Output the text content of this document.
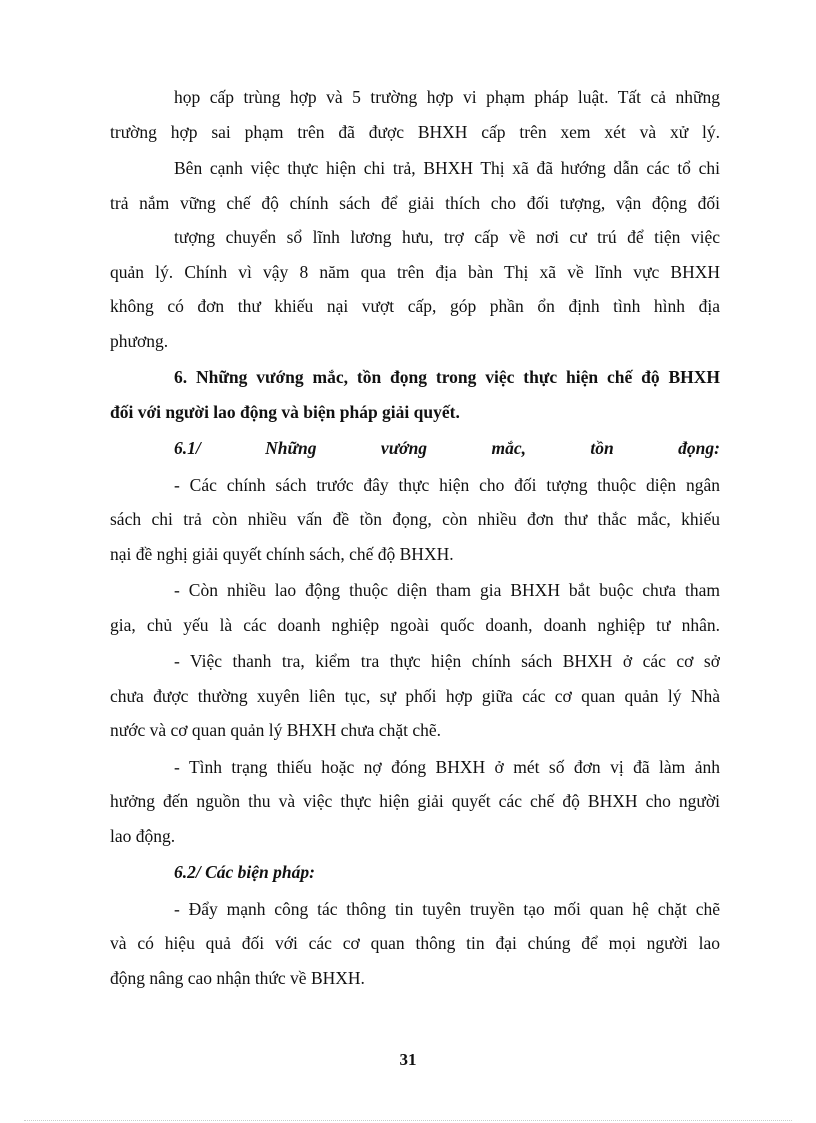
họp cấp trùng hợp và 5 trường hợp vi phạm pháp luật. Tất cả những

trường hợp sai phạm trên đã được BHXH cấp trên xem xét và xử lý.

Bên cạnh việc thực hiện chi trả, BHXH Thị xã đã hướng dẫn các tổ chi

trả nắm vững chế độ chính sách để giải thích cho đối tượng, vận động đối

tượng chuyển sổ lĩnh lương hưu, trợ cấp về nơi cư trú để tiện việc

quản lý. Chính vì vậy 8 năm qua trên địa bàn Thị xã về lĩnh vực BHXH

không có đơn thư khiếu nại vượt cấp, góp phần ổn định tình hình địa

phương.

6. Những vướng mắc, tồn đọng trong việc thực hiện chế độ BHXH

đối với người lao động và biện pháp giải quyết.

6.1/ Những vướng mắc, tồn đọng:

- Các chính sách trước đây thực hiện cho đối tượng thuộc diện ngân

sách chi trả còn nhiều vấn đề tồn đọng, còn nhiều đơn thư thắc mắc, khiếu

nại đề nghị giải quyết chính sách, chế độ BHXH.

- Còn nhiều lao động thuộc diện tham gia BHXH bắt buộc chưa tham

gia, chủ yếu là các doanh nghiệp ngoài quốc doanh, doanh nghiệp tư nhân.

- Việc thanh tra, kiểm tra thực hiện chính sách BHXH ở các cơ sở

chưa được thường xuyên liên tục, sự phối hợp giữa các cơ quan quản lý Nhà

nước và cơ quan quản lý BHXH chưa chặt chẽ.

- Tình trạng thiếu hoặc nợ đóng BHXH ở mét số đơn vị đã làm ảnh

hưởng đến nguồn thu và việc thực hiện giải quyết các chế độ BHXH cho người

lao động.

6.2/ Các biện pháp:

- Đẩy mạnh công tác thông tin tuyên truyền tạo mối quan hệ chặt chẽ

và có hiệu quả đối với các cơ quan thông tin đại chúng để mọi người lao

động nâng cao nhận thức về BHXH.

31
